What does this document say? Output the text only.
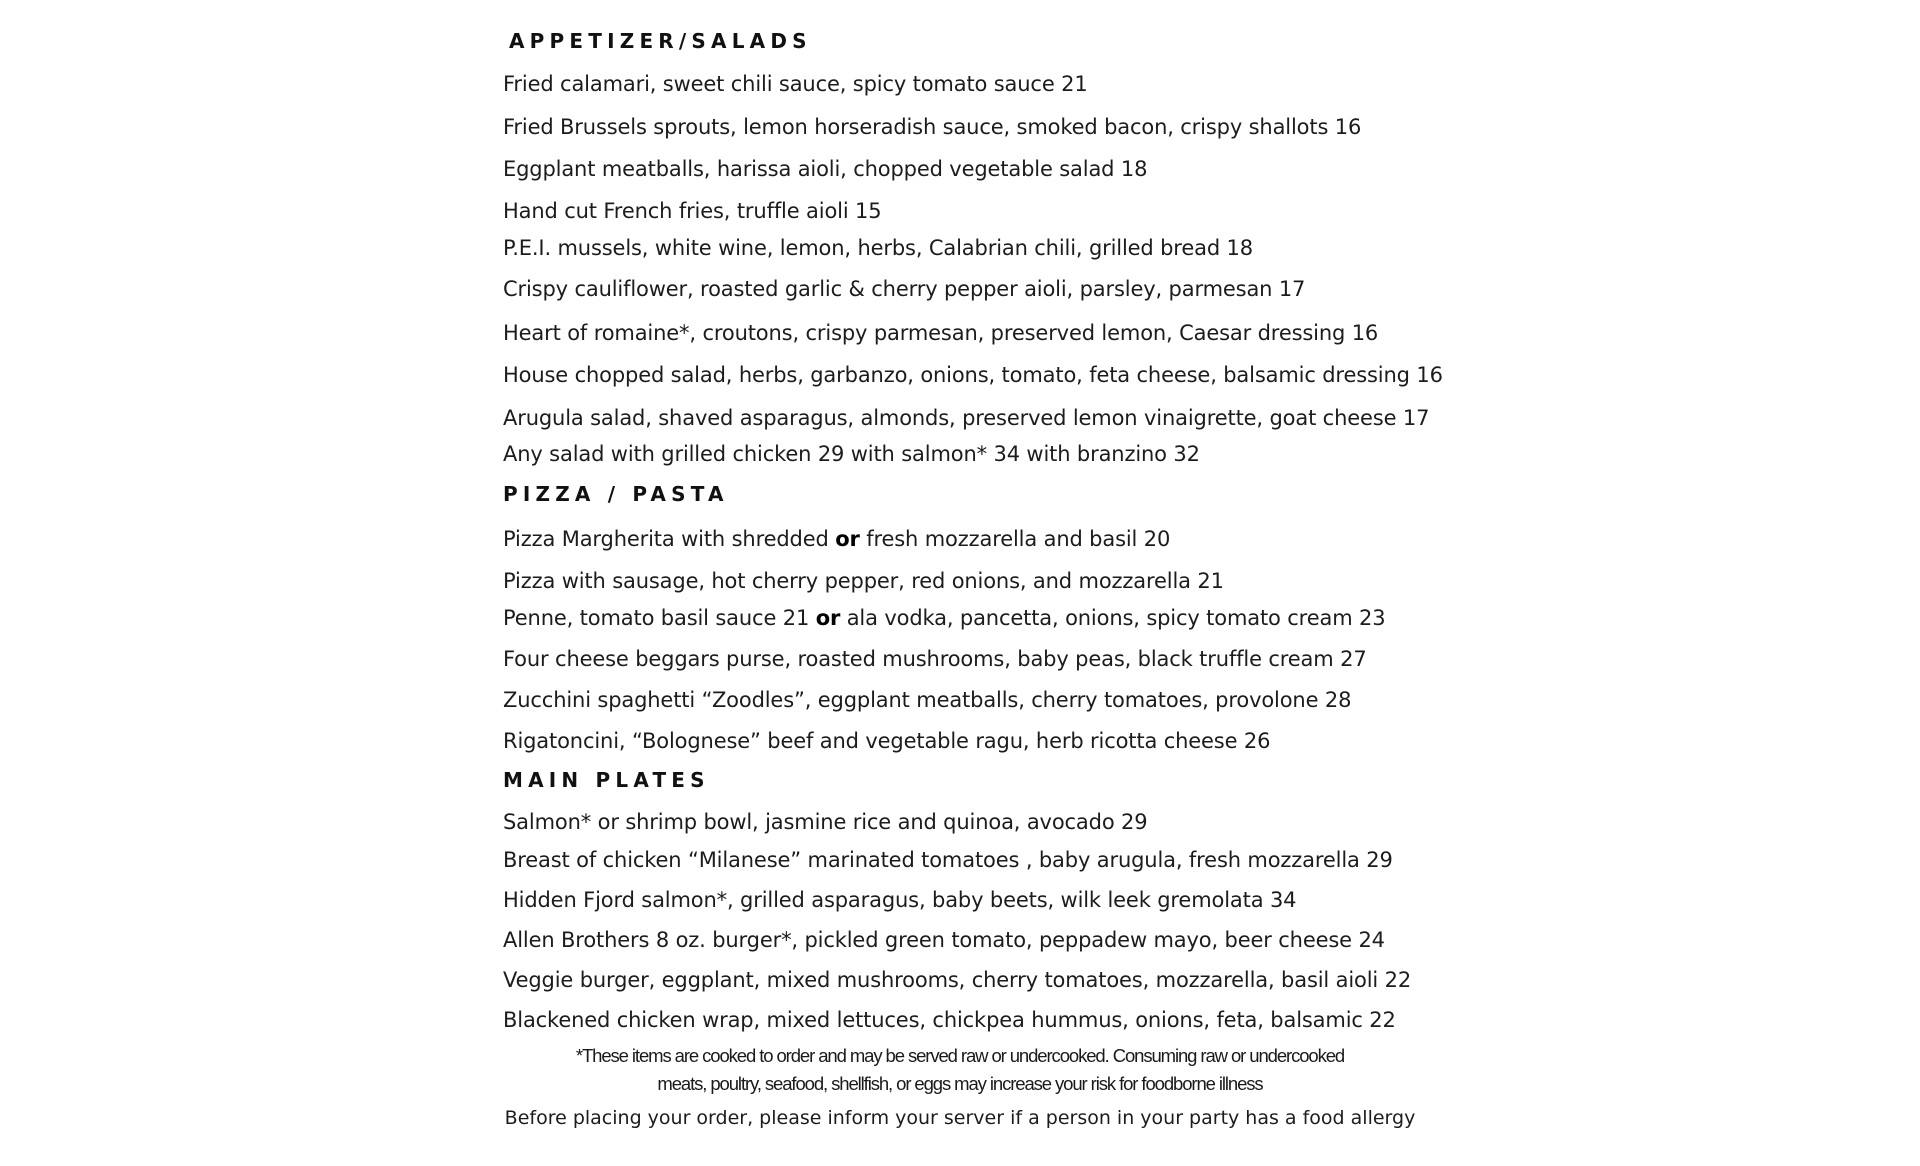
APPETIZER/SALADS
Fried calamari, sweet chili sauce, spicy tomato sauce 21
Fried Brussels sprouts, lemon horseradish sauce, smoked bacon, crispy shallots 16
Eggplant meatballs, harissa aioli, chopped vegetable salad 18
Hand cut French fries, truffle aioli 15
P.E.I. mussels, white wine, lemon, herbs, Calabrian chili, grilled bread 18
Crispy cauliflower, roasted garlic & cherry pepper aioli, parsley, parmesan 17
Heart of romaine*, croutons, crispy parmesan, preserved lemon, Caesar dressing 16
House chopped salad, herbs, garbanzo, onions, tomato, feta cheese, balsamic dressing 16
Arugula salad, shaved asparagus, almonds, preserved lemon vinaigrette, goat cheese 17
Any salad with grilled chicken 29 with salmon* 34 with branzino 32
PIZZA / PASTA
Pizza Margherita with shredded or fresh mozzarella and basil 20
Pizza with sausage, hot cherry pepper, red onions, and mozzarella 21
Penne, tomato basil sauce 21 or ala vodka, pancetta, onions, spicy tomato cream 23
Four cheese beggars purse, roasted mushrooms, baby peas, black truffle cream 27
Zucchini spaghetti “Zoodles”, eggplant meatballs, cherry tomatoes, provolone 28
Rigatoncini, “Bolognese” beef and vegetable ragu, herb ricotta cheese 26
MAIN PLATES
Salmon* or shrimp bowl, jasmine rice and quinoa, avocado 29
Breast of chicken “Milanese” marinated tomatoes , baby arugula, fresh mozzarella 29
Hidden Fjord salmon*, grilled asparagus, baby beets, wilk leek gremolata 34
Allen Brothers 8 oz. burger*, pickled green tomato, peppadew mayo, beer cheese 24
Veggie burger, eggplant, mixed mushrooms, cherry tomatoes, mozzarella, basil aioli 22
Blackened chicken wrap, mixed lettuces, chickpea hummus, onions, feta, balsamic 22
*These items are cooked to order and may be served raw or undercooked. Consuming raw or undercooked
meats, poultry, seafood, shellfish, or eggs may increase your risk for foodborne illness
Before placing your order, please inform your server if a person in your party has a food allergy
